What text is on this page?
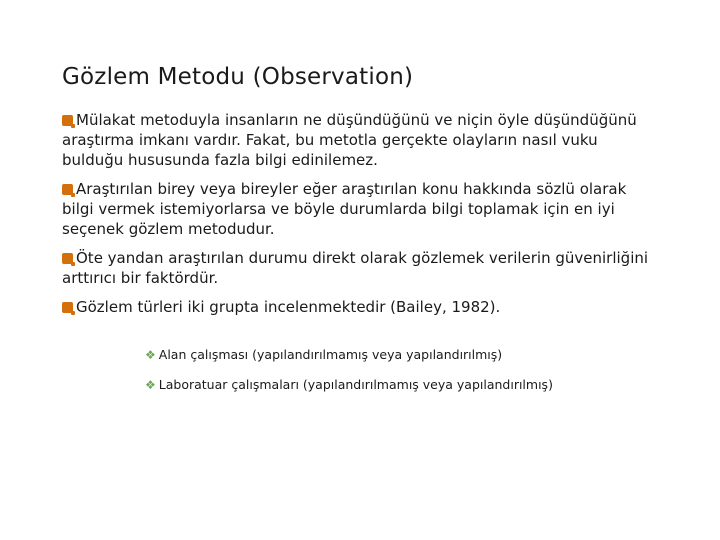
Gözlem Metodu (Observation)
Mülakat metoduyla insanların ne düşündüğünü ve niçin öyle düşündüğünü araştırma imkanı vardır. Fakat, bu metotla gerçekte olayların nasıl vuku bulduğu hususunda fazla bilgi edinilemez.
Araştırılan birey veya bireyler eğer araştırılan konu hakkında sözlü olarak bilgi vermek istemiyorlarsa ve böyle durumlarda bilgi toplamak için en iyi seçenek gözlem metodudur.
Öte yandan araştırılan durumu direkt olarak gözlemek verilerin güvenirliğini arttırıcı bir faktördür.
Gözlem türleri iki grupta incelenmektedir (Bailey, 1982).
❖ Alan çalışması (yapılandırılmamış veya yapılandırılmış)
❖ Laboratuar çalışmaları (yapılandırılmamış veya yapılandırılmış)
